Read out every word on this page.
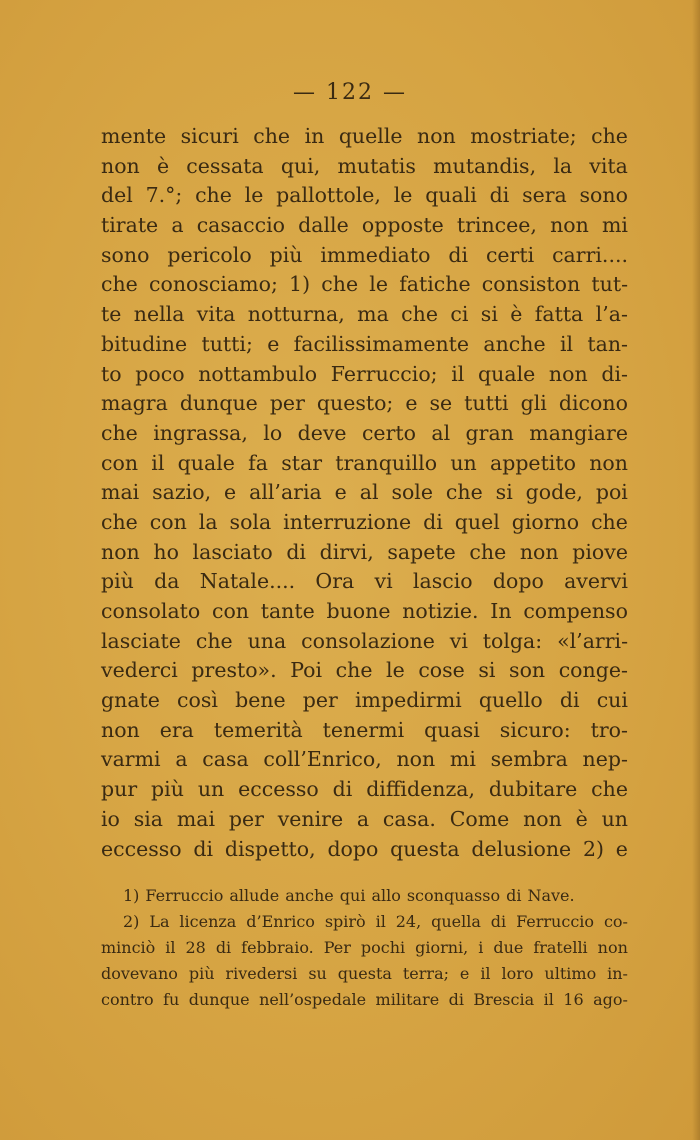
— 122 —
mente sicuri che in quelle non mostriate; che
non è cessata qui, mutatis mutandis, la vita
del 7.°; che le pallottole, le quali di sera sono
tirate a casaccio dalle opposte trincee, non mi
sono pericolo più immediato di certi carri....
che conosciamo; 1) che le fatiche consiston tut-
te nella vita notturna, ma che ci si è fatta l’a-
bitudine tutti; e facilissimamente anche il tan-
to poco nottambulo Ferruccio; il quale non di-
magra dunque per questo; e se tutti gli dicono
che ingrassa, lo deve certo al gran mangiare
con il quale fa star tranquillo un appetito non
mai sazio, e all’aria e al sole che si gode, poi
che con la sola interruzione di quel giorno che
non ho lasciato di dirvi, sapete che non piove
più da Natale.... Ora vi lascio dopo avervi
consolato con tante buone notizie. In compenso
lasciate che una consolazione vi tolga: «l’arri-
vederci presto». Poi che le cose si son conge-
gnate così bene per impedirmi quello di cui
non era temerità tenermi quasi sicuro: tro-
varmi a casa coll’Enrico, non mi sembra nep-
pur più un eccesso di diffidenza, dubitare che
io sia mai per venire a casa. Come non è un
eccesso di dispetto, dopo questa delusione 2) e
1) Ferruccio allude anche qui allo sconquasso di Nave.
2) La licenza d’Enrico spirò il 24, quella di Ferruccio co-
minciò il 28 di febbraio. Per pochi giorni, i due fratelli non
dovevano più rivedersi su questa terra; e il loro ultimo in-
contro fu dunque nell’ospedale militare di Brescia il 16 ago-
